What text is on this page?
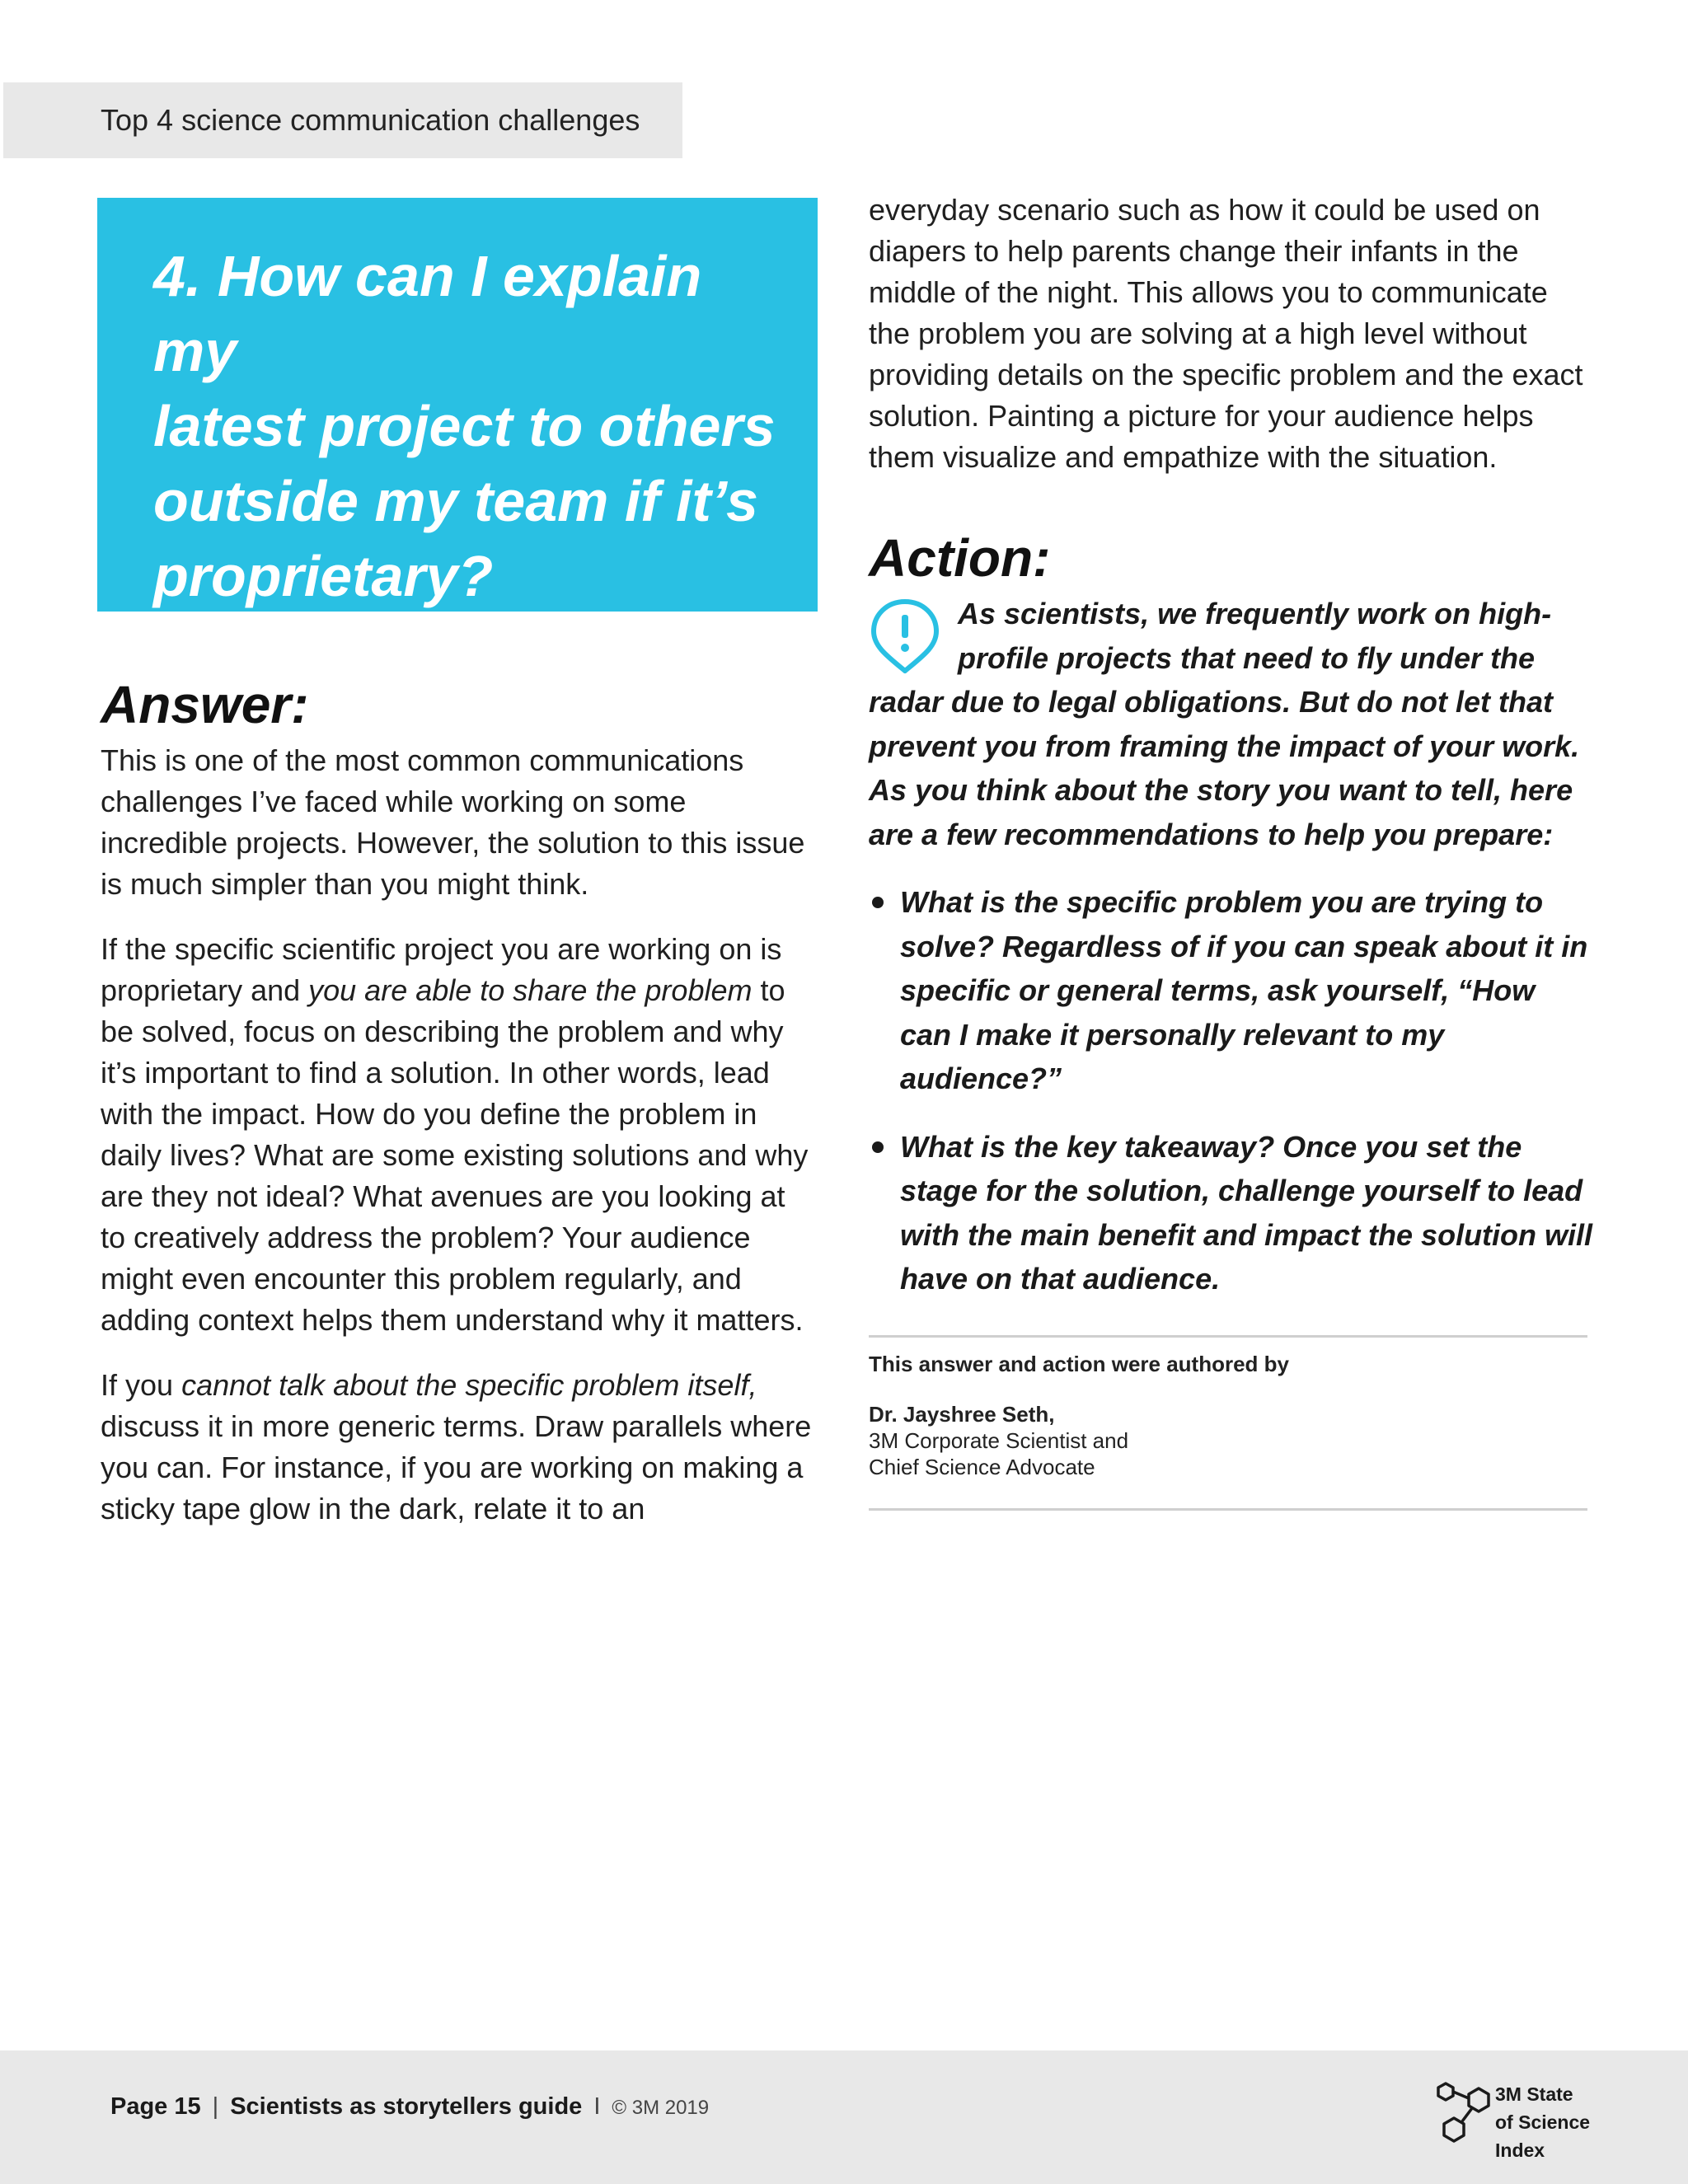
Top 4 science communication challenges
4. How can I explain my
latest project to others
outside my team if it’s
proprietary?
Answer:

This is one of the most common communications challenges I’ve faced while working on some incredible projects. However, the solution to this issue is much simpler than you might think.

If the specific scientific project you are working on is proprietary and you are able to share the problem to be solved, focus on describing the problem and why it’s important to find a solution. In other words, lead with the impact. How do you define the problem in daily lives? What are some existing solutions and why are they not ideal? What avenues are you looking at to creatively address the problem? Your audience might even encounter this problem regularly, and adding context helps them understand why it matters.

If you cannot talk about the specific problem itself, discuss it in more generic terms. Draw parallels where you can. For instance, if you are working on making a sticky tape glow in the dark, relate it to an

everyday scenario such as how it could be used on diapers to help parents change their infants in the middle of the night. This allows you to communicate the problem you are solving at a high level without providing details on the specific problem and the exact solution. Painting a picture for your audience helps them visualize and empathize with the situation.
Action:
As scientists, we frequently work on high-profile projects that need to fly under the radar due to legal obligations. But do not let that prevent you from framing the impact of your work. As you think about the story you want to tell, here are a few recommendations to help you prepare:
What is the specific problem you are trying to solve? Regardless of if you can speak about it in specific or general terms, ask yourself, “How can I make it personally relevant to my audience?”
What is the key takeaway? Once you set the stage for the solution, challenge yourself to lead with the main benefit and impact the solution will have on that audience.
This answer and action were authored by
Dr. Jayshree Seth,
3M Corporate Scientist and
Chief Science Advocate
Page 15 | Scientists as storytellers guide I © 3M 2019
3M State
of Science
Index
